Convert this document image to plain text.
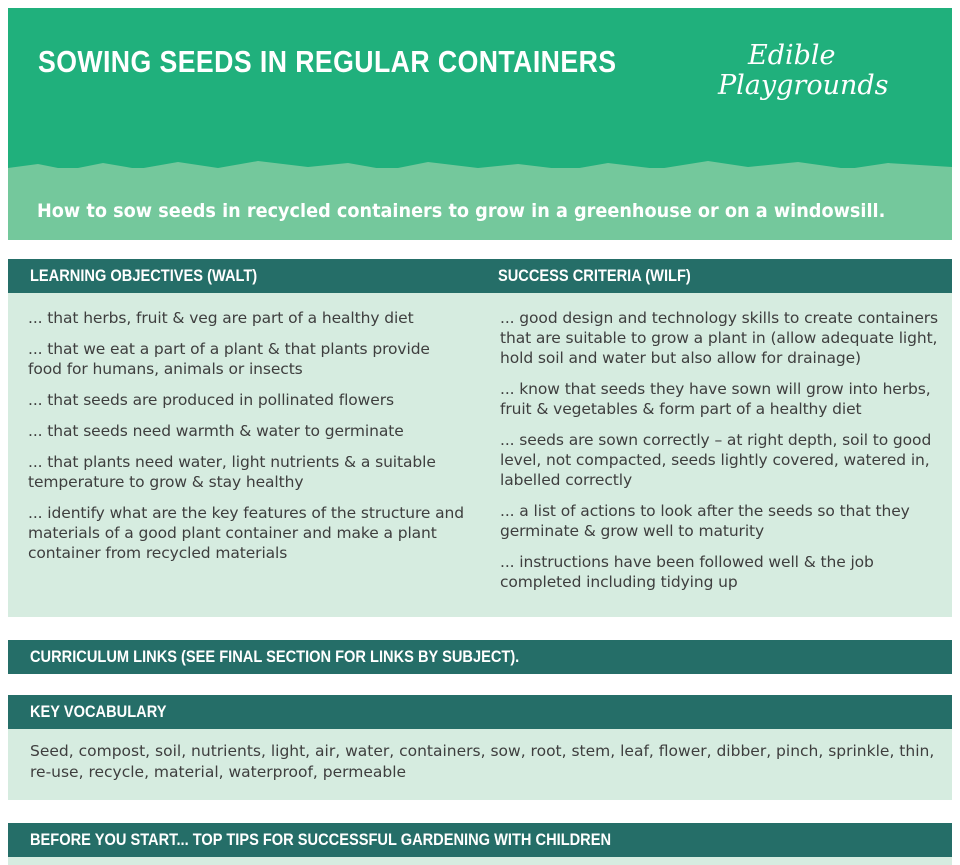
SOWING SEEDS IN REGULAR CONTAINERS	Edible
Playgrounds
How to sow seeds in recycled containers to grow in a greenhouse or on a windowsill.
LEARNING OBJECTIVES (WALT)	SUCCESS CRITERIA (WILF)
... that herbs, fruit & veg are part of a healthy diet
... that we eat a part of a plant & that plants provide food for humans, animals or insects
... that seeds are produced in pollinated flowers
... that seeds need warmth & water to germinate
... that plants need water, light nutrients & a suitable temperature to grow & stay healthy
... identify what are the key features of the structure and materials of a good plant container and make a plant container from recycled materials
... good design and technology skills to create containers that are suitable to grow a plant in (allow adequate light, hold soil and water but also allow for drainage)
... know that seeds they have sown will grow into herbs, fruit & vegetables & form part of a healthy diet
... seeds are sown correctly – at right depth, soil to good level, not compacted, seeds lightly covered, watered in, labelled correctly
... a list of actions to look after the seeds so that they germinate & grow well to maturity
... instructions have been followed well & the job completed including tidying up
CURRICULUM LINKS (SEE FINAL SECTION FOR LINKS BY SUBJECT).
KEY VOCABULARY
Seed, compost, soil, nutrients, light, air, water, containers, sow, root, stem, leaf, flower, dibber, pinch, sprinkle, thin, re-use, recycle, material, waterproof, permeable
BEFORE YOU START... TOP TIPS FOR SUCCESSFUL GARDENING WITH CHILDREN
